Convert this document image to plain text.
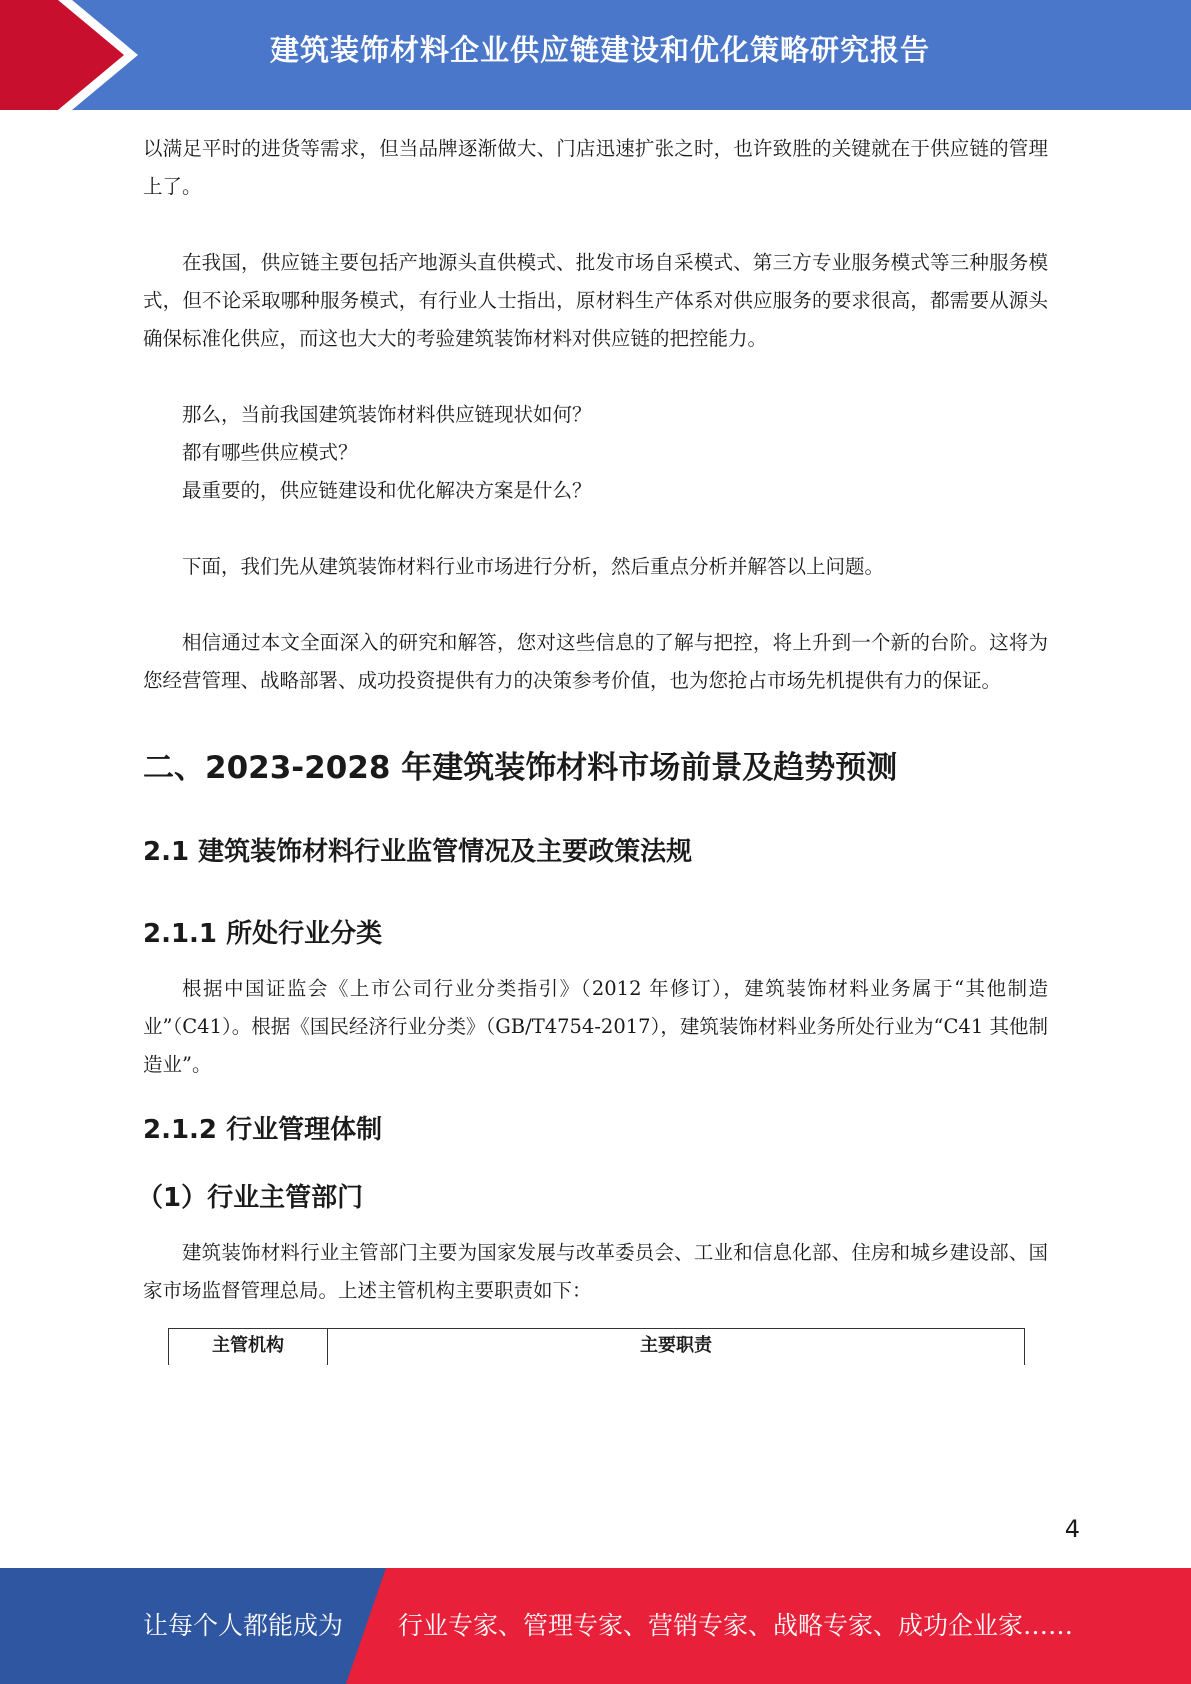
建筑装饰材料企业供应链建设和优化策略研究报告

以满足平时的进货等需求，但当品牌逐渐做大、门店迅速扩张之时，也许致胜的关键就在于供应链的管理上了。

在我国，供应链主要包括产地源头直供模式、批发市场自采模式、第三方专业服务模式等三种服务模式，但不论采取哪种服务模式，有行业人士指出，原材料生产体系对供应服务的要求很高，都需要从源头确保标准化供应，而这也大大的考验建筑装饰材料对供应链的把控能力。

那么，当前我国建筑装饰材料供应链现状如何？

都有哪些供应模式？

最重要的，供应链建设和优化解决方案是什么？

下面，我们先从建筑装饰材料行业市场进行分析，然后重点分析并解答以上问题。

相信通过本文全面深入的研究和解答，您对这些信息的了解与把控，将上升到一个新的台阶。这将为您经营管理、战略部署、成功投资提供有力的决策参考价值，也为您抢占市场先机提供有力的保证。

二、2023-2028 年建筑装饰材料市场前景及趋势预测
2.1 建筑装饰材料行业监管情况及主要政策法规
2.1.1 所处行业分类

根据中国证监会《上市公司行业分类指引》（2012 年修订），建筑装饰材料业务属于“其他制造业”（C41）。根据《国民经济行业分类》（GB/T4754-2017），建筑装饰材料业务所处行业为“C41 其他制造业”。

2.1.2 行业管理体制
（1）行业主管部门

建筑装饰材料行业主管部门主要为国家发展与改革委员会、工业和信息化部、住房和城乡建设部、国家市场监督管理总局。上述主管机构主要职责如下：

主管机构	主要职责
4
让每个人都能成为 行业专家、管理专家、营销专家、战略专家、成功企业家……
